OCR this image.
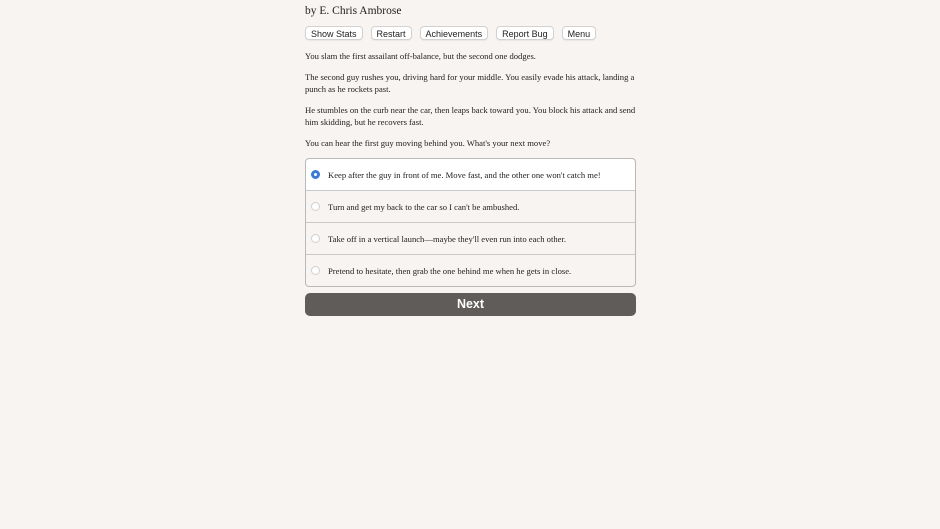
by E. Chris Ambrose
Show Stats	Restart	Achievements	Report Bug	Menu

You slam the first assailant off-balance, but the second one dodges.

The second guy rushes you, driving hard for your middle. You easily evade his attack, landing a punch as he rockets past.

He stumbles on the curb near the car, then leaps back toward you. You block his attack and send him skidding, but he recovers fast.

You can hear the first guy moving behind you. What's your next move?

Keep after the guy in front of me. Move fast, and the other one won't catch me!
Turn and get my back to the car so I can't be ambushed.
Take off in a vertical launch—maybe they'll even run into each other.
Pretend to hesitate, then grab the one behind me when he gets in close.
Next
